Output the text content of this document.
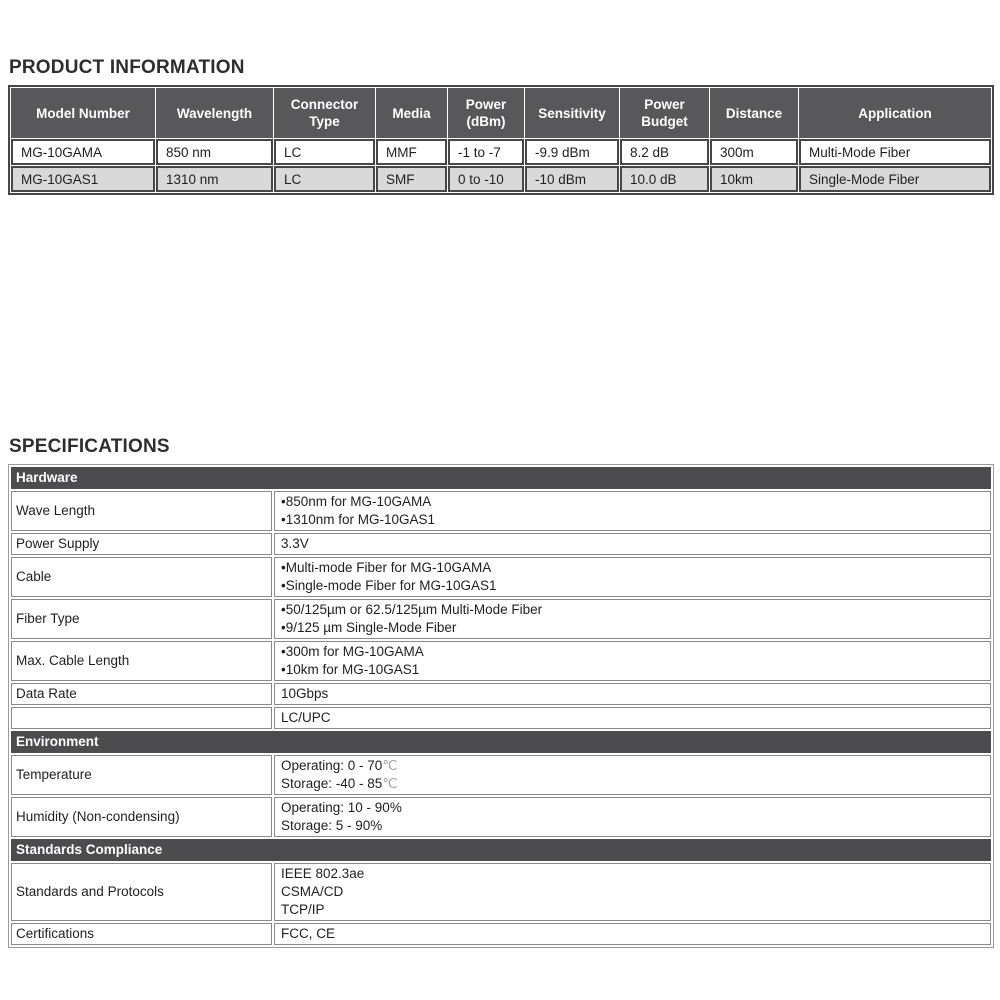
PRODUCT INFORMATION
Model Number	Wavelength	Connector Type	Media	Power (dBm)	Sensitivity	Power Budget	Distance	Application
MG-10GAMA	850 nm	LC	MMF	-1 to -7	-9.9 dBm	8.2 dB	300m	Multi-Mode Fiber
MG-10GAS1	1310 nm	LC	SMF	0 to -10	-10 dBm	10.0 dB	10km	Single-Mode Fiber
SPECIFICATIONS
Hardware	
Wave Length	•850nm for MG-10GAMA
•1310nm for MG-10GAS1

Power Supply	3.3V
Cable	•Multi-mode Fiber for MG-10GAMA
•Single-mode Fiber for MG-10GAS1

Fiber Type	•50/125µm or 62.5/125µm Multi-Mode Fiber
•9/125 µm Single-Mode Fiber

Max. Cable Length	•300m for MG-10GAMA
•10km for MG-10GAS1

Data Rate	10Gbps
	LC/UPC
Environment	
Temperature	Operating: 0 - 70℃
Storage: -40 - 85℃

Humidity (Non-condensing)	Operating: 10 - 90%
Storage: 5 - 90%

Standards Compliance	
Standards and Protocols	IEEE 802.3ae
CSMA/CD
TCP/IP

Certifications	FCC, CE
